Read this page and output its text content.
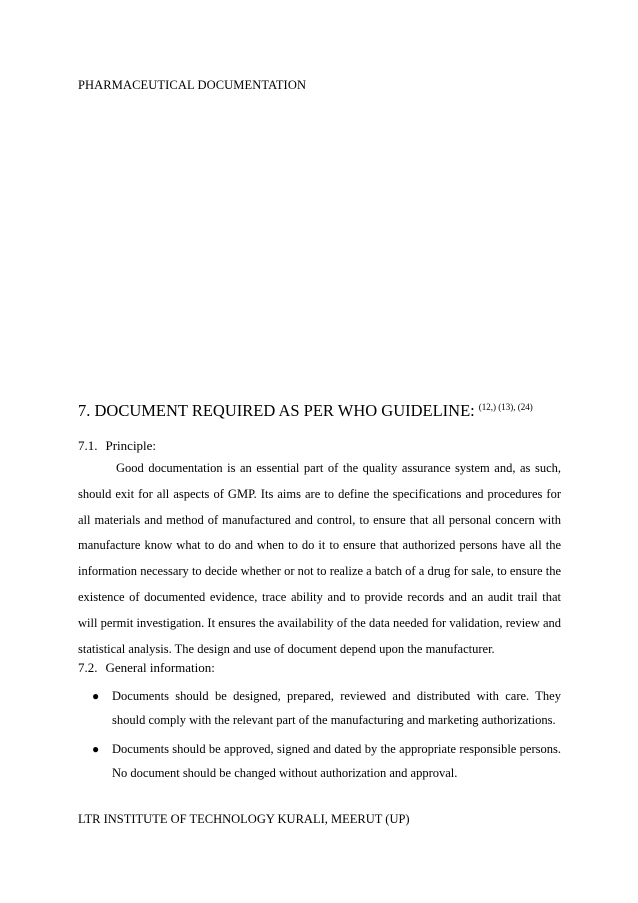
PHARMACEUTICAL DOCUMENTATION
7. DOCUMENT REQUIRED AS PER WHO GUIDELINE: $^{(12,) (13), (24)}$
7.1. Principle:

Good documentation is an essential part of the quality assurance system and, as such, should exit for all aspects of GMP. Its aims are to define the specifications and procedures for all materials and method of manufactured and control, to ensure that all personal concern with manufacture know what to do and when to do it to ensure that authorized persons have all the information necessary to decide whether or not to realize a batch of a drug for sale, to ensure the existence of documented evidence, trace ability and to provide records and an audit trail that will permit investigation. It ensures the availability of the data needed for validation, review and statistical analysis. The design and use of document depend upon the manufacturer.

7.2. General information:
● Documents should be designed, prepared, reviewed and distributed with care. They should comply with the relevant part of the manufacturing and marketing authorizations.
● Documents should be approved, signed and dated by the appropriate responsible persons. No document should be changed without authorization and approval.
LTR INSTITUTE OF TECHNOLOGY KURALI, MEERUT (UP)
